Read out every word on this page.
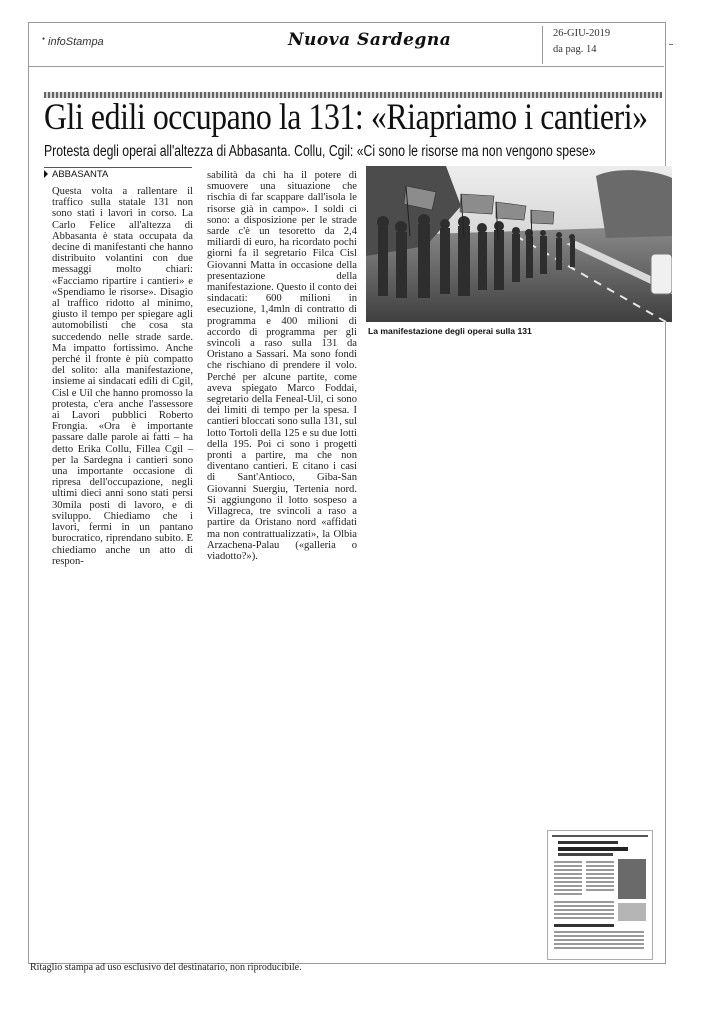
● infoStampa	Nuova Sardegna	26-GIU-2019
da pag. 14
Gli edili occupano la 131: «Riapriamo i cantieri»
Protesta degli operai all'altezza di Abbasanta. Collu, Cgil: «Ci sono le risorse ma non vengono spese»
ABBASANTA
Questa volta a rallentare il traffico sulla statale 131 non sono stati i lavori in corso. La Carlo Felice all'altezza di Abbasanta è stata occupata da decine di manifestanti che hanno distribuito volantini con due messaggi molto chiari: «Facciamo ripartire i cantieri» e «Spendiamo le risorse». Disagio al traffico ridotto al minimo, giusto il tempo per spiegare agli automobilisti che cosa sta succedendo nelle strade sarde. Ma impatto fortissimo. Anche perché il fronte è più compatto del solito: alla manifestazione, insieme ai sindacati edili di Cgil, Cisl e Uil che hanno promosso la protesta, c'era anche l'assessore ai Lavori pubblici Roberto Frongia. «Ora è importante passare dalle parole ai fatti – ha detto Erika Collu, Fillea Cgil – per la Sardegna i cantieri sono una importante occasione di ripresa dell'occupazione, negli ultimi dieci anni sono stati persi 30mila posti di lavoro, e di sviluppo. Chiediamo che i lavori, fermi in un pantano burocratico, riprendano subito. E chiediamo anche un atto di respon-
sabilità da chi ha il potere di smuovere una situazione che rischia di far scappare dall'isola le risorse già in campo». I soldi ci sono: a disposizione per le strade sarde c'è un tesoretto da 2,4 miliardi di euro, ha ricordato pochi giorni fa il segretario Filca Cisl Giovanni Matta in occasione della presentazione della manifestazione. Questo il conto dei sindacati: 600 milioni in esecuzione, 1,4mln di contratto di programma e 400 milioni di accordo di programma per gli svincoli a raso sulla 131 da Oristano a Sassari. Ma sono fondi che rischiano di prendere il volo. Perché per alcune partite, come aveva spiegato Marco Foddai, segretario della Feneal-Uil, ci sono dei limiti di tempo per la spesa. I cantieri bloccati sono sulla 131, sul lotto Tortolì della 125 e su due lotti della 195. Poi ci sono i progetti pronti a partire, ma che non diventano cantieri. E citano i casi di Sant'Antioco, Giba-San Giovanni Suergiu, Tertenia nord. Si aggiungono il lotto sospeso a Villagreca, tre svincoli a raso a partire da Oristano nord «affidati ma non contrattualizzati», la Olbia Arzachena-Palau («galleria o viadotto?»).
La manifestazione degli operai sulla 131
Ritaglio stampa ad uso esclusivo del destinatario, non riproducibile.
